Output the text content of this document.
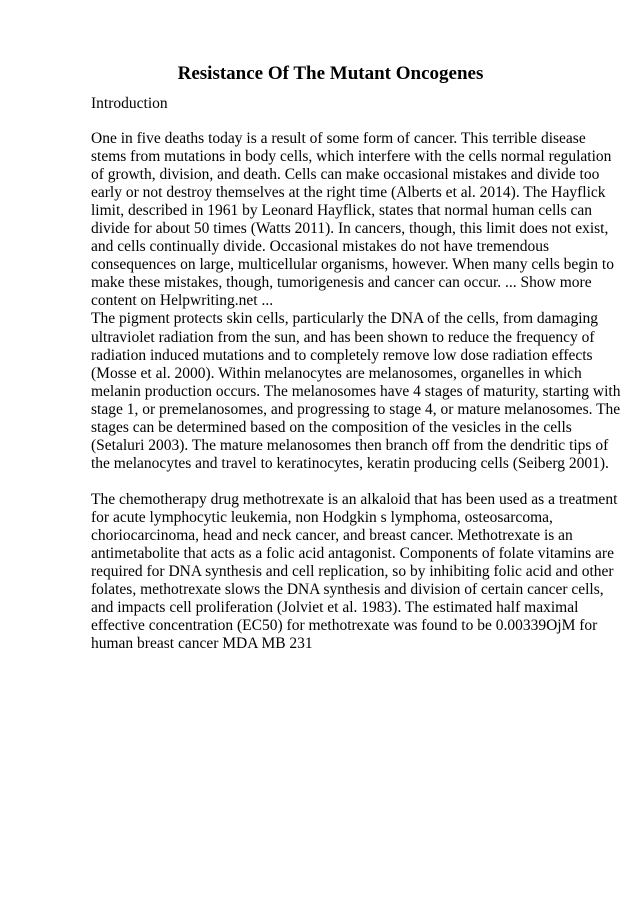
Resistance Of The Mutant Oncogenes
Introduction

One in five deaths today is a result of some form of cancer. This terrible disease
stems from mutations in body cells, which interfere with the cells normal regulation
of growth, division, and death. Cells can make occasional mistakes and divide too
early or not destroy themselves at the right time (Alberts et al. 2014). The Hayflick
limit, described in 1961 by Leonard Hayflick, states that normal human cells can
divide for about 50 times (Watts 2011). In cancers, though, this limit does not exist,
and cells continually divide. Occasional mistakes do not have tremendous
consequences on large, multicellular organisms, however. When many cells begin to
make these mistakes, though, tumorigenesis and cancer can occur. ... Show more
content on Helpwriting.net ...

The pigment protects skin cells, particularly the DNA of the cells, from damaging
ultraviolet radiation from the sun, and has been shown to reduce the frequency of
radiation induced mutations and to completely remove low dose radiation effects
(Mosse et al. 2000). Within melanocytes are melanosomes, organelles in which
melanin production occurs. The melanosomes have 4 stages of maturity, starting with
stage 1, or premelanosomes, and progressing to stage 4, or mature melanosomes. The
stages can be determined based on the composition of the vesicles in the cells
(Setaluri 2003). The mature melanosomes then branch off from the dendritic tips of
the melanocytes and travel to keratinocytes, keratin producing cells (Seiberg 2001).

The chemotherapy drug methotrexate is an alkaloid that has been used as a treatment
for acute lymphocytic leukemia, non Hodgkin s lymphoma, osteosarcoma,
choriocarcinoma, head and neck cancer, and breast cancer. Methotrexate is an
antimetabolite that acts as a folic acid antagonist. Components of folate vitamins are
required for DNA synthesis and cell replication, so by inhibiting folic acid and other
folates, methotrexate slows the DNA synthesis and division of certain cancer cells,
and impacts cell proliferation (Jolviet et al. 1983). The estimated half maximal
effective concentration (EC50) for methotrexate was found to be 0.00339OjM for
human breast cancer MDA MB 231
